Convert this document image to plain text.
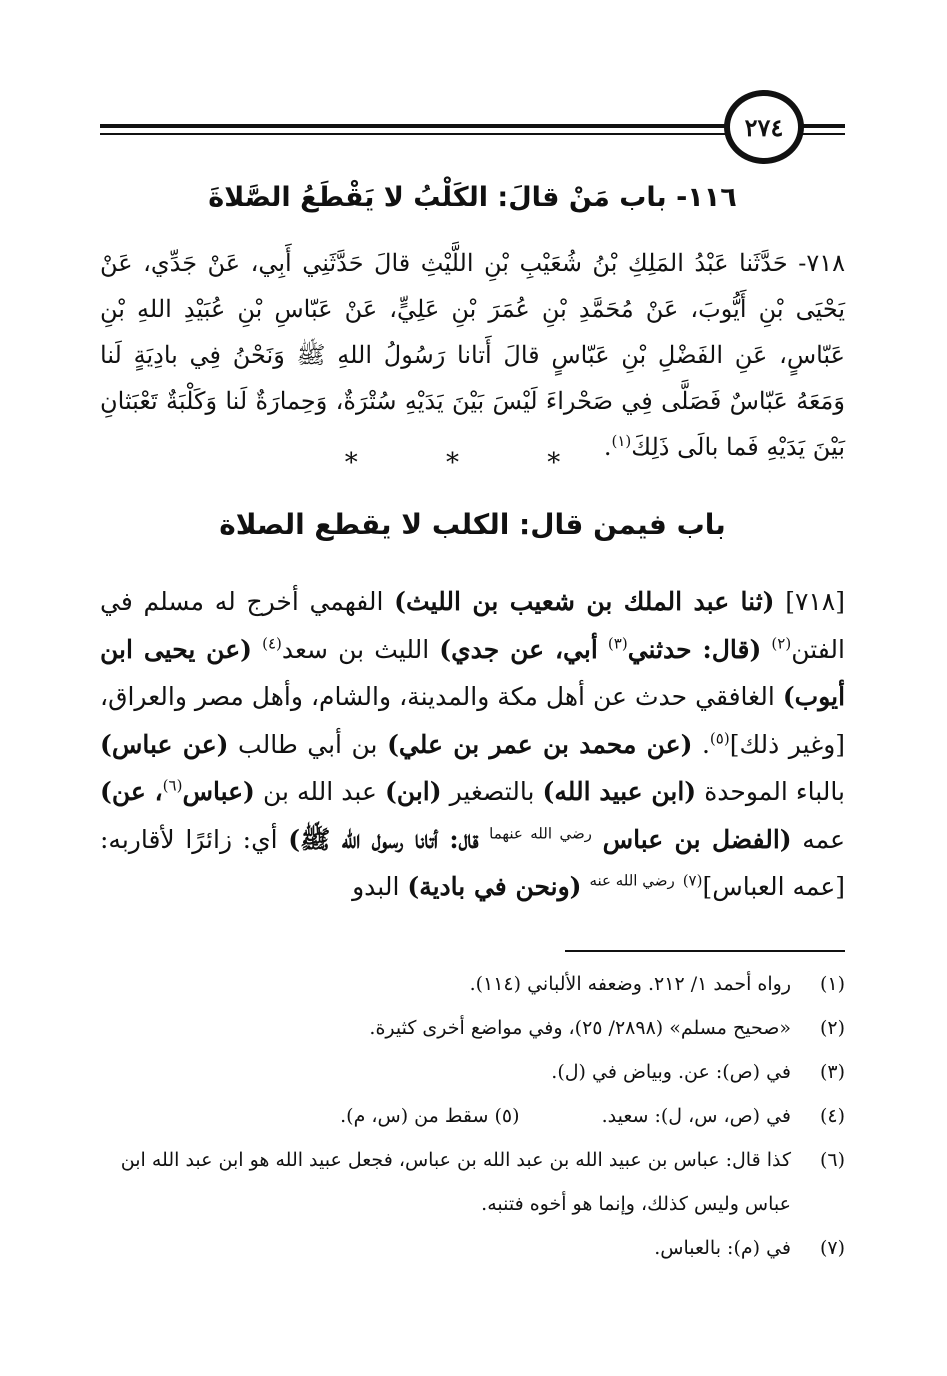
٢٧٤
١١٦- باب مَنْ قالَ: الكَلْبُ لا يَقْطَعُ الصَّلاةَ
٧١٨- حَدَّثَنا عَبْدُ المَلِكِ بْنُ شُعَيْبِ بْنِ اللَّيْثِ قالَ حَدَّثَنِي أَبِي، عَنْ جَدِّي، عَنْ يَحْيَى بْنِ أَيُّوبَ، عَنْ مُحَمَّدِ بْنِ عُمَرَ بْنِ عَلِيٍّ، عَنْ عَبّاسِ بْنِ عُبَيْدِ اللهِ بْنِ عَبّاسٍ، عَنِ الفَضْلِ بْنِ عَبّاسٍ قالَ أَتانا رَسُولُ اللهِ ﷺ وَنَحْنُ فِي بادِيَةٍ لَنا وَمَعَهُ عَبّاسٌ فَصَلَّى فِي صَحْراءَ لَيْسَ بَيْنَ يَدَيْهِ سُتْرَةٌ، وَحِمارَةٌ لَنا وَكَلْبَةٌ تَعْبَثانِ بَيْنَ يَدَيْهِ فَما بالَى ذَلِكَ$^{(١)}$.
* * *
باب فيمن قال: الكلب لا يقطع الصلاة
[٧١٨] (ثنا عبد الملك بن شعيب بن الليث) الفهمي أخرج له مسلم في الفتن$^{(٢)}$ (قال: حدثني$^{(٣)}$ أبي، عن جدي) الليث بن سعد$^{(٤)}$ (عن يحيى ابن أيوب) الغافقي حدث عن أهل مكة والمدينة، والشام، وأهل مصر والعراق، [وغير ذلك]$^{(٥)}$. (عن محمد بن عمر بن علي) بن أبي طالب (عن عباس) بالباء الموحدة (ابن عبيد الله) بالتصغير (ابن) عبد الله بن (عباس$^{(٦)}$، عن) عمه (الفضل بن عباس $^{رضي الله عنهما}$ قال: أتانا رسول الله ﷺ) أي: زائرًا لأقاربه: [عمه العباس]$^{(٧)}$ $^{رضي الله عنه}$ (ونحن في بادية) البدو
(١)
رواه أحمد ١/ ٢١٢. وضعفه الألباني (١١٤).
(٢)
«صحيح مسلم» (٢٨٩٨/ ٢٥)، وفي مواضع أخرى كثيرة.
(٣)
في (ص): عن. وبياض في (ل).
(٤)
في (ص، س، ل): سعيد.  (٥) سقط من (س، م).
(٦)
كذا قال: عباس بن عبيد الله بن عبد الله بن عباس، فجعل عبيد الله هو ابن عبد الله ابن عباس وليس كذلك، وإنما هو أخوه فتنبه.
(٧)
في (م): بالعباس.
